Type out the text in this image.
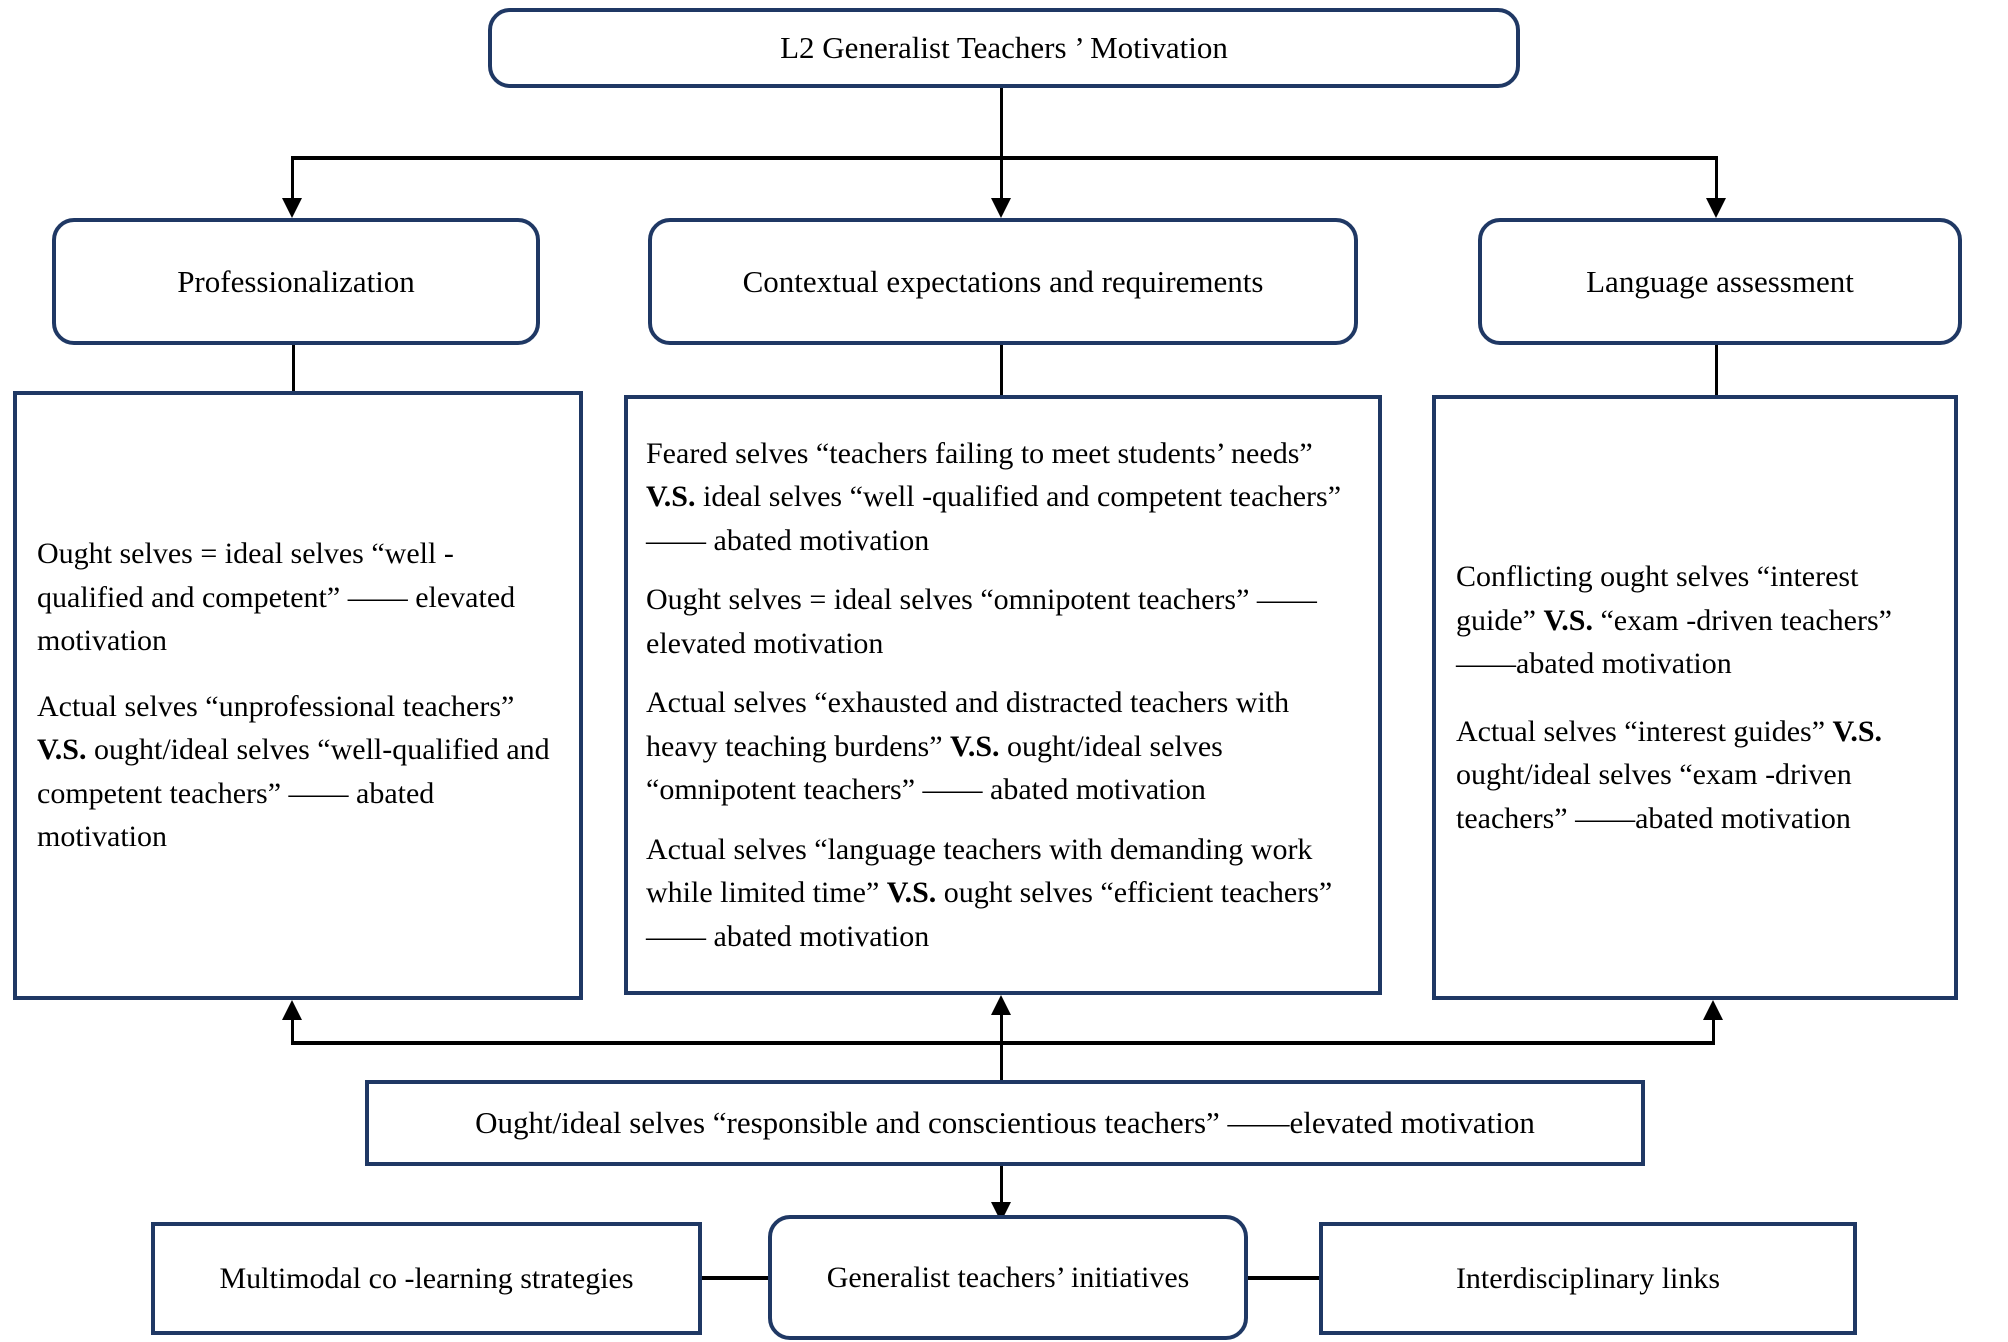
L2 Generalist Teachers ’ Motivation
Professionalization	Contextual expectations and requirements	Language assessment

Ought selves = ideal selves “well -qualified and competent” —— elevated motivation

Actual selves “unprofessional teachers” V.S. ought/ideal selves “well-qualified and competent teachers” —— abated motivation

Feared selves “teachers failing to meet students’ needs” V.S. ideal selves “well -qualified and competent teachers” —— abated motivation

Ought selves = ideal selves “omnipotent teachers” —— elevated motivation

Actual selves “exhausted and distracted teachers with heavy teaching burdens” V.S. ought/ideal selves “omnipotent teachers” —— abated motivation

Actual selves “language teachers with demanding work while limited time” V.S. ought selves “efficient teachers” —— abated motivation

Conflicting ought selves “interest guide” V.S. “exam -driven teachers” ——abated motivation

Actual selves “interest guides” V.S. ought/ideal selves “exam -driven teachers” ——abated motivation

Ought/ideal selves “responsible and conscientious teachers” ——elevated motivation
Multimodal co -learning strategies	Generalist teachers’ initiatives	Interdisciplinary links
